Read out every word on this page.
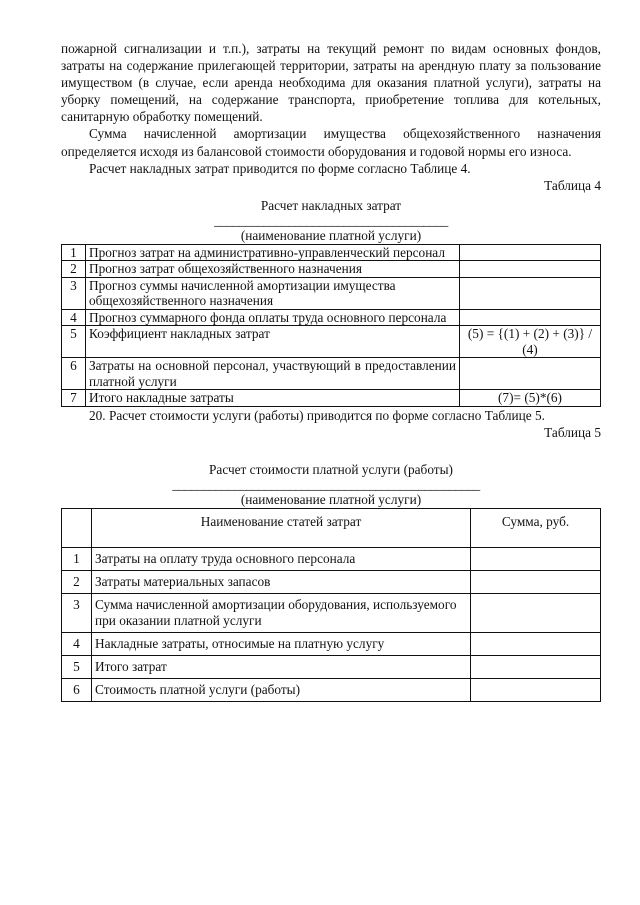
пожарной сигнализации и т.п.), затраты на текущий ремонт по видам основных фондов, затраты на содержание прилегающей территории, затраты на арендную плату за пользование имуществом (в случае, если аренда необходима для оказания платной услуги), затраты на уборку помещений, на содержание транспорта, приобретение топлива для котельных, санитарную обработку помещений.

Сумма начисленной амортизации имущества общехозяйственного назначения определяется исходя из балансовой стоимости оборудования и годовой нормы его износа.

Расчет накладных затрат приводится по форме согласно Таблице 4.

Таблица 4
Расчет накладных затрат
______________________________________
(наименование платной услуги)
1	Прогноз затрат на административно-управленческий персонал	
2	Прогноз затрат общехозяйственного назначения	
3	Прогноз суммы начисленной амортизации имущества общехозяйственного назначения	
4	Прогноз суммарного фонда оплаты труда основного персонала	
5	Коэффициент накладных затрат	(5) = {(1) + (2) + (3)} / (4)
6	Затраты на основной персонал, участвующий в предоставлении платной услуги	
7	Итого накладные затраты	(7)= (5)*(6)

20. Расчет стоимости услуги (работы) приводится по форме согласно Таблице 5.

Таблица 5
Расчет стоимости платной услуги (работы)
__________________________________________________
(наименование платной услуги)
	Наименование статей затрат	Сумма, руб.
1	Затраты на оплату труда основного персонала	
2	Затраты материальных запасов	
3	Сумма начисленной амортизации оборудования, используемого
при оказании платной услуги	
4	Накладные затраты, относимые на платную услугу	
5	Итого затрат	
6	Стоимость платной услуги (работы)	
